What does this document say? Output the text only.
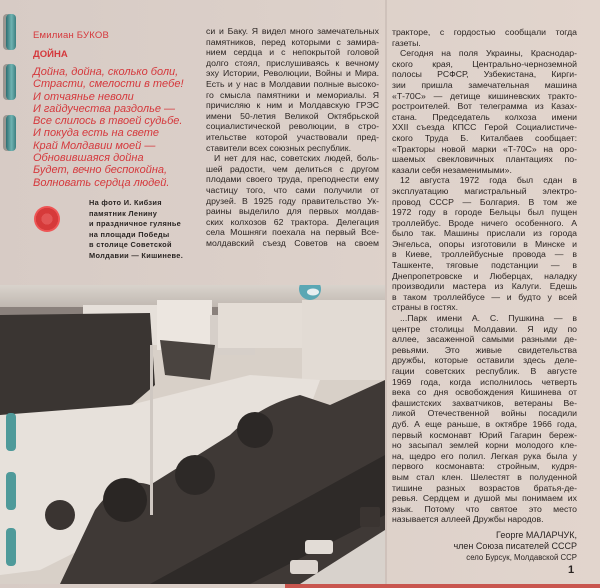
Емилиан БУКОВ
ДОЙНА
Дойна, дойна, сколько боли,
Страсти, смелости в тебе!
И отчаянье неволи
И гайдучества раздолье —
Все слилось в твоей судьбе.
И покуда есть на свете
Край Молдавии моей —
Обновившаяся дойна
Будет, вечно беспокойна,
Волновать сердца людей.
На фото И. Кибзия
памятник Ленину
и праздничное гулянье
на площади Победы
в столице Советской
Молдавии — Кишиневе.
си и Баку. Я видел много замечательных
памятников, перед которыми с замира-
нием сердца и с непокрытой головой
долго стоял, прислушиваясь к вечному
эху Истории, Революции, Войны и Мира.
Есть и у нас в Молдавии полные высоко-
го смысла памятники и мемориалы. Я
причисляю к ним и Молдавскую ГРЭС
имени 50-летия Великой Октябрьской
социалистической революции, в стро-
ительстве которой участвовали пред-
ставители всех союзных республик.
И нет для нас, советских людей, боль-
шей радости, чем делиться с другом
плодами своего труда, преподнести ему
частицу того, что сами получили от
друзей. В 1925 году правительство Ук-
раины выделило для первых молдав-
ских колхозов 62 трактора. Делегация
села Мошняги поехала на первый Все-
молдавский съезд Советов на своем
тракторе, с гордостью сообщали тогда
газеты.
Сегодня на поля Украины, Краснодар-
ского края, Центрально-черноземной
полосы РСФСР, Узбекистана, Кирги-
зии пришла замечательная машина
«Т-70С» — детище кишиневских тракто-
ростроителей. Вот телеграмма из Казах-
стана. Председатель колхоза имени
XXII съезда КПСС Герой Социалистиче-
ского Труда Б. Киталбаев сообщает:
«Тракторы новой марки «Т-70С» на оро-
шаемых свекловичных плантациях по-
казали себя незаменимыми».
12 августа 1972 года был сдан в
эксплуатацию магистральный электро-
провод СССР — Болгария. В том же
1972 году в городе Бельцы был пущен
троллейбус. Вроде ничего особенного. А
было так. Машины прислали из города
Энгельса, опоры изготовили в Минске и
в Киеве, троллейбусные провода — в
Ташкенте, тяговые подстанции — в
Днепропетровске и Люберцах, наладку
производили мастера из Калуги. Едешь
в таком троллейбусе — и будто у всей
страны в гостях.
...Парк имени А. С. Пушкина — в
центре столицы Молдавии. Я иду по
аллее, засаженной самыми разными де-
ревьями. Это живые свидетельства
дружбы, которые оставили здесь деле-
гации советских республик. В августе
1969 года, когда исполнилось четверть
века со дня освобождения Кишинева от
фашистских захватчиков, ветераны Ве-
ликой Отечественной войны посадили
дуб. А еще раньше, в октябре 1966 года,
первый космонавт Юрий Гагарин береж-
но засыпал землей корни молодого кле-
на, щедро его полил. Легкая рука была у
первого космонавта: стройным, кудря-
вым стал клен. Шелестят в полуденной
тишине разных возрастов братья-де-
ревья. Сердцем и душой мы понимаем их
язык. Потому что святое это место
называется аллеей Дружбы народов.
Георге МАЛАРЧУК,
член Союза писателей СССР
село Бурсук, Молдавской ССР
1
